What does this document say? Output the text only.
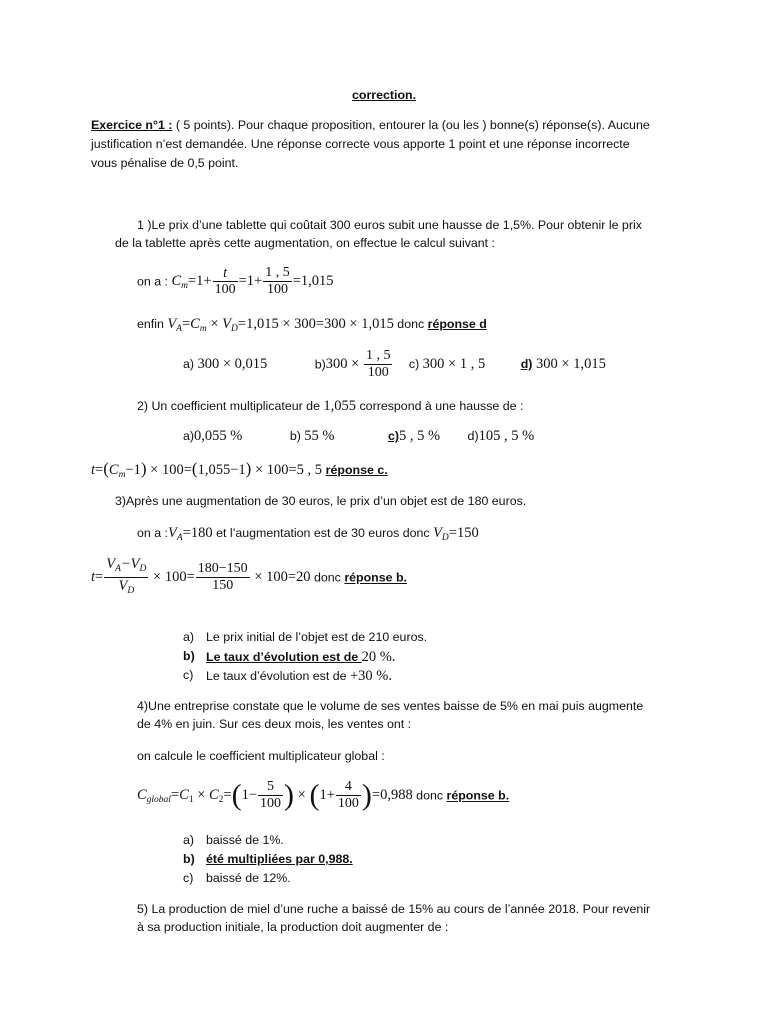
correction.
Exercice n°1 : ( 5 points). Pour chaque proposition, entourer la (ou les ) bonne(s) réponse(s). Aucune
justification n’est demandée. Une réponse correcte vous apporte 1 point et une réponse incorrecte
vous pénalise de 0,5 point.
1 )Le prix d’une tablette qui coûtait 300 euros subit une hausse de 1,5%. Pour obtenir le prix
de la tablette après cette augmentation, on effectue le calcul suivant :
on a : $C_m=1+ \frac{t}{100} =1+ \frac{1 , 5}{100} =1,015$
enfin $V_A=C_m \times V_D=1,015 \times 300=300 \times 1,015$ donc réponse d
a) 300 × 0,015	$b)300 \times \frac{1 , 5}{100} c$) 300 × 1 , 5	d) 300 × 1,015
2) Un coefficient multiplicateur de 1,055 correspond à une hausse de :
a)0,055 %	b) 55 %	c)5 , 5 % d)105 , 5 %
$t=(C_m-1) \times 100=(1,055-1) \times 100=5$ , 5 réponse c.
3)Après une augmentation de 30 euros, le prix d’un objet est de 180 euros.
on a $:V_A=180$ et l’augmentation est de 30 euros donc $V_D=150$
$t= \frac{V_A-V_D}{V_D} \times 100= \frac{180-150}{150} \times 100=20$ donc réponse b.
a) Le prix initial de l’objet est de 210 euros.
b) Le taux d’évolution est de 20 %.
c) Le taux d’évolution est de +30 %.
4)Une entreprise constate que le volume de ses ventes baisse de 5% en mai puis augmente
de 4% en juin. Sur ces deux mois, les ventes ont :
on calcule le coefficient multiplicateur global :
$C_{global}=C_1 \times C_2=(1- \frac{5}{100}$ ) × $(1+ \frac{4}{100} )=0,988$ donc réponse b.
a) baissé de 1%.
b) été multipliées par 0,988.
c) baissé de 12%.
5) La production de miel d’une ruche a baissé de 15% au cours de l’année 2018. Pour revenir
à sa production initiale, la production doit augmenter de :
